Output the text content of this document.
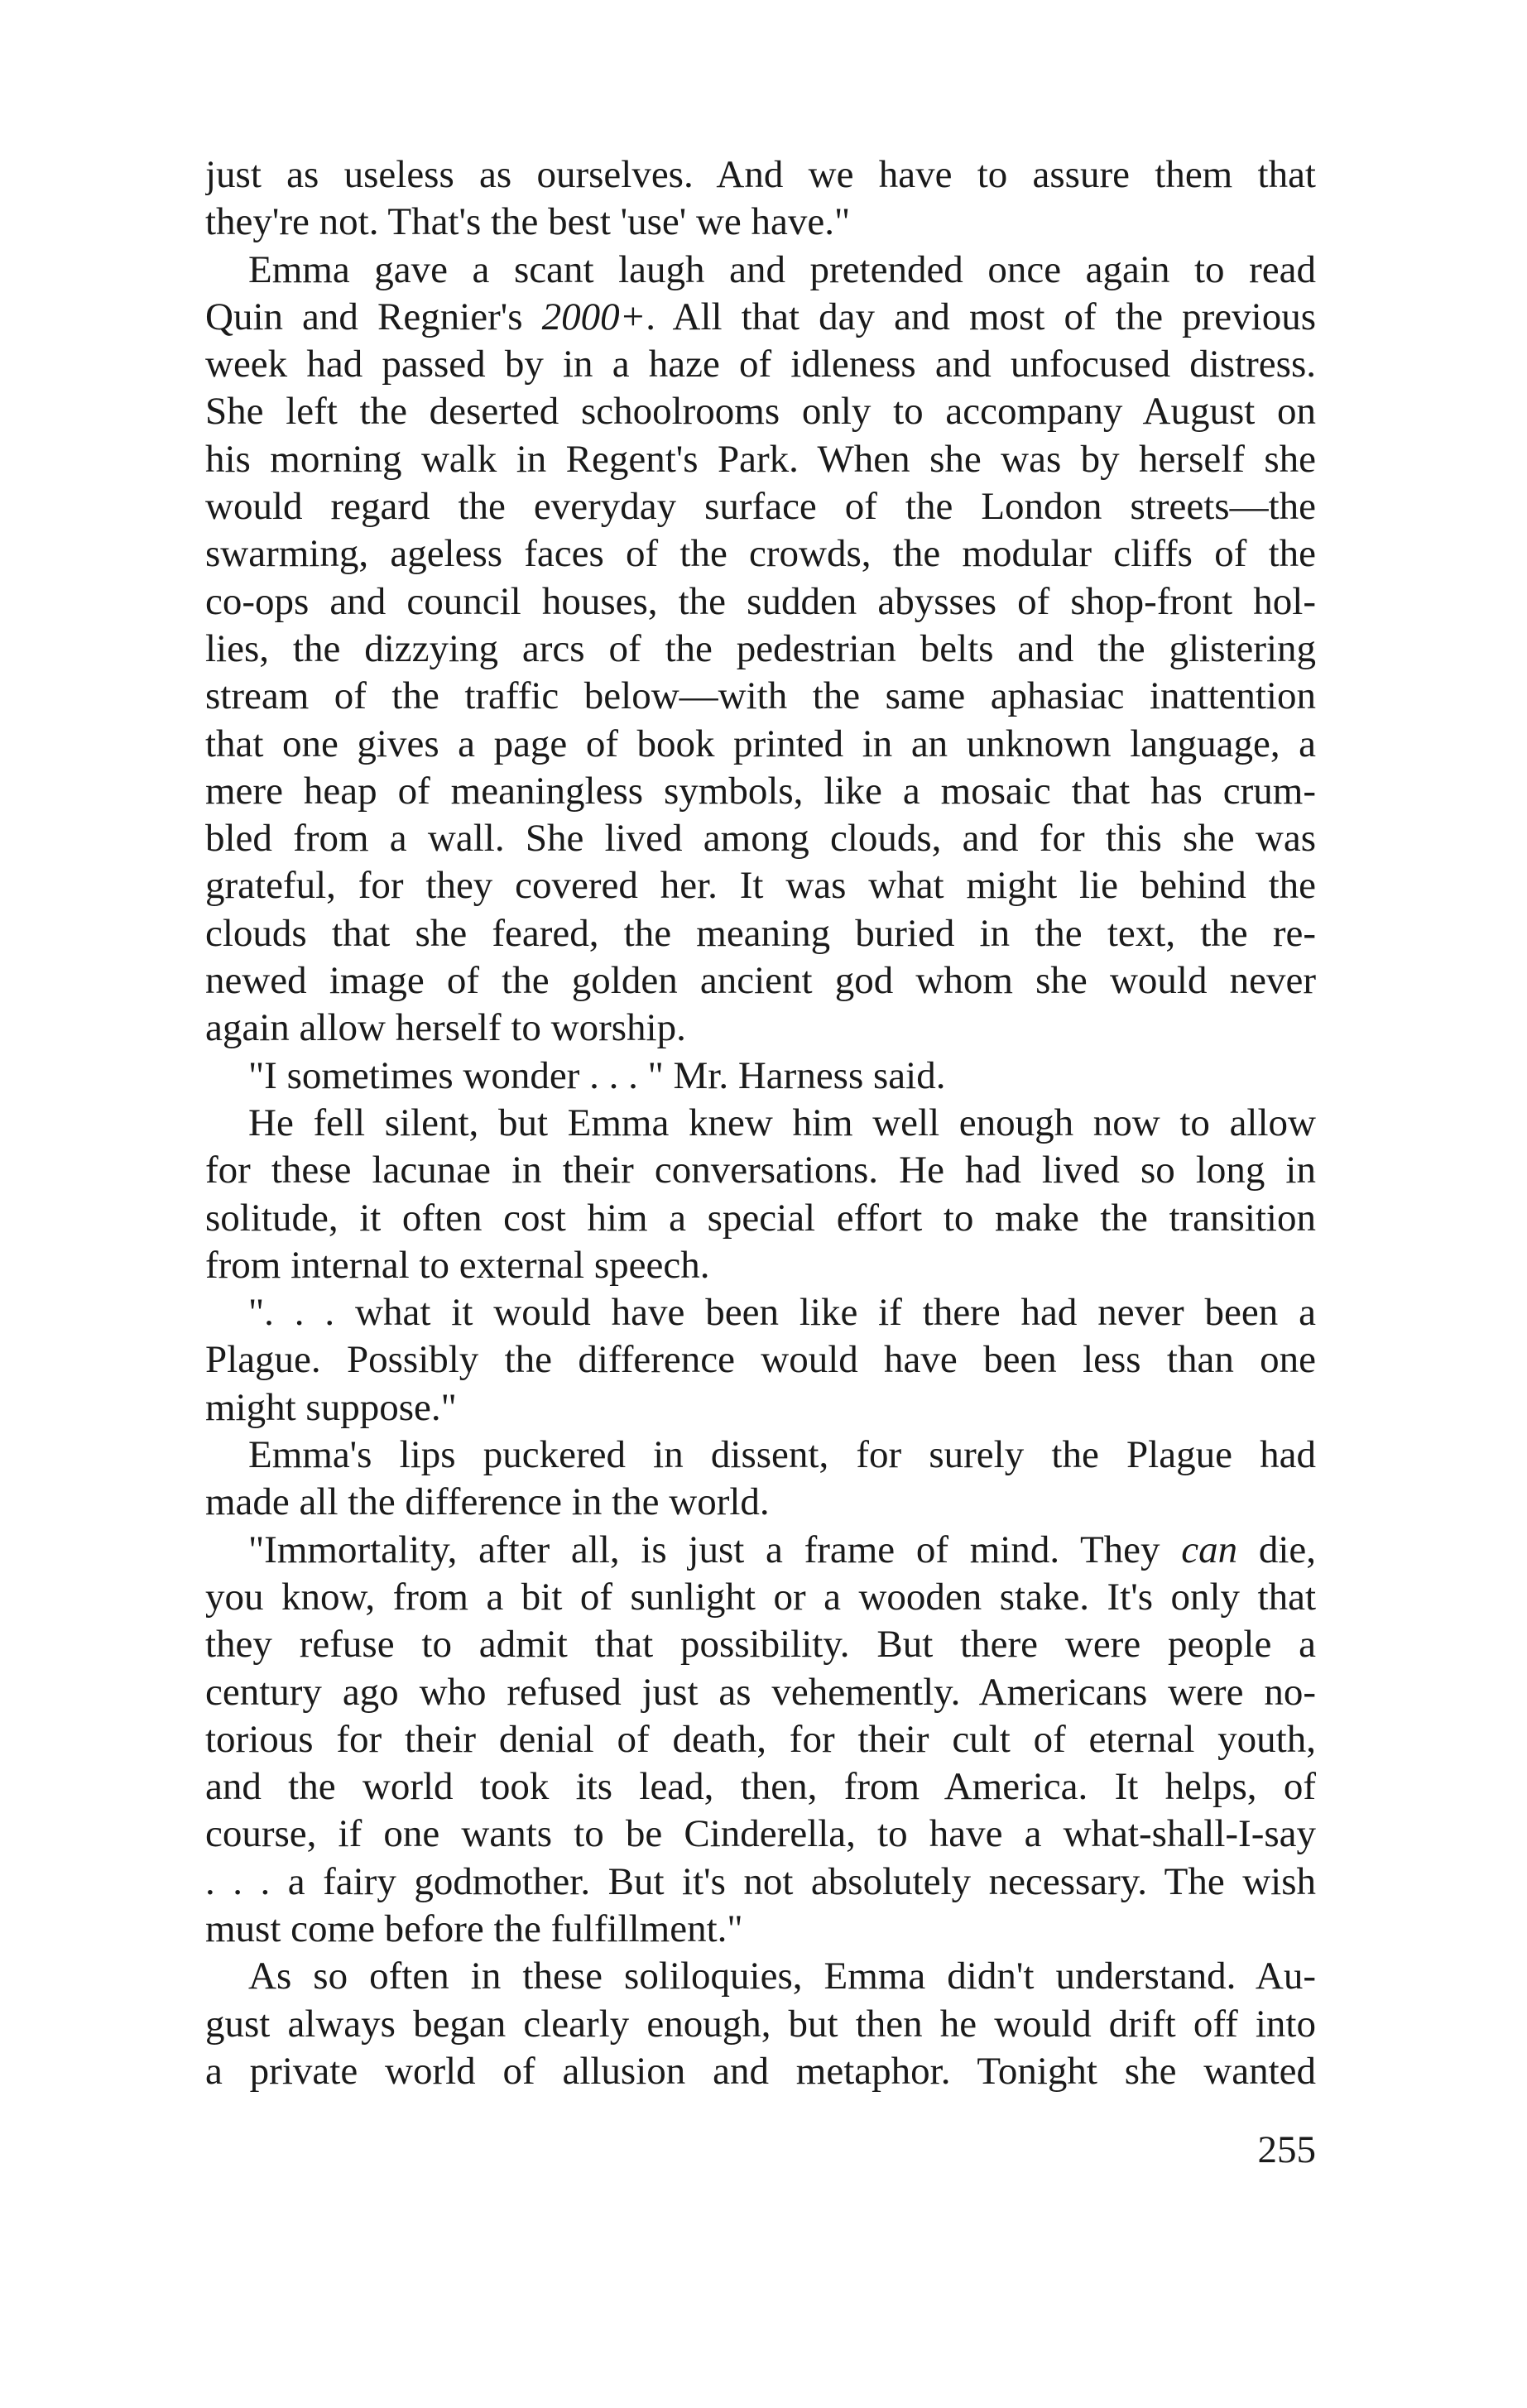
just as useless as ourselves. And we have to assure them that
they're not. That's the best 'use' we have."
Emma gave a scant laugh and pretended once again to read
Quin and Regnier's 2000+. All that day and most of the previous
week had passed by in a haze of idleness and unfocused distress.
She left the deserted schoolrooms only to accompany August on
his morning walk in Regent's Park. When she was by herself she
would regard the everyday surface of the London streets—the
swarming, ageless faces of the crowds, the modular cliffs of the
co-ops and council houses, the sudden abysses of shop-front hol-
lies, the dizzying arcs of the pedestrian belts and the glistering
stream of the traffic below—with the same aphasiac inattention
that one gives a page of book printed in an unknown language, a
mere heap of meaningless symbols, like a mosaic that has crum-
bled from a wall. She lived among clouds, and for this she was
grateful, for they covered her. It was what might lie behind the
clouds that she feared, the meaning buried in the text, the re-
newed image of the golden ancient god whom she would never
again allow herself to worship.
"I sometimes wonder . . . " Mr. Harness said.
He fell silent, but Emma knew him well enough now to allow
for these lacunae in their conversations. He had lived so long in
solitude, it often cost him a special effort to make the transition
from internal to external speech.
". . . what it would have been like if there had never been a
Plague. Possibly the difference would have been less than one
might suppose."
Emma's lips puckered in dissent, for surely the Plague had
made all the difference in the world.
"Immortality, after all, is just a frame of mind. They can die,
you know, from a bit of sunlight or a wooden stake. It's only that
they refuse to admit that possibility. But there were people a
century ago who refused just as vehemently. Americans were no-
torious for their denial of death, for their cult of eternal youth,
and the world took its lead, then, from America. It helps, of
course, if one wants to be Cinderella, to have a what-shall-I-say
. . . a fairy godmother. But it's not absolutely necessary. The wish
must come before the fulfillment."
As so often in these soliloquies, Emma didn't understand. Au-
gust always began clearly enough, but then he would drift off into
a private world of allusion and metaphor. Tonight she wanted
255
